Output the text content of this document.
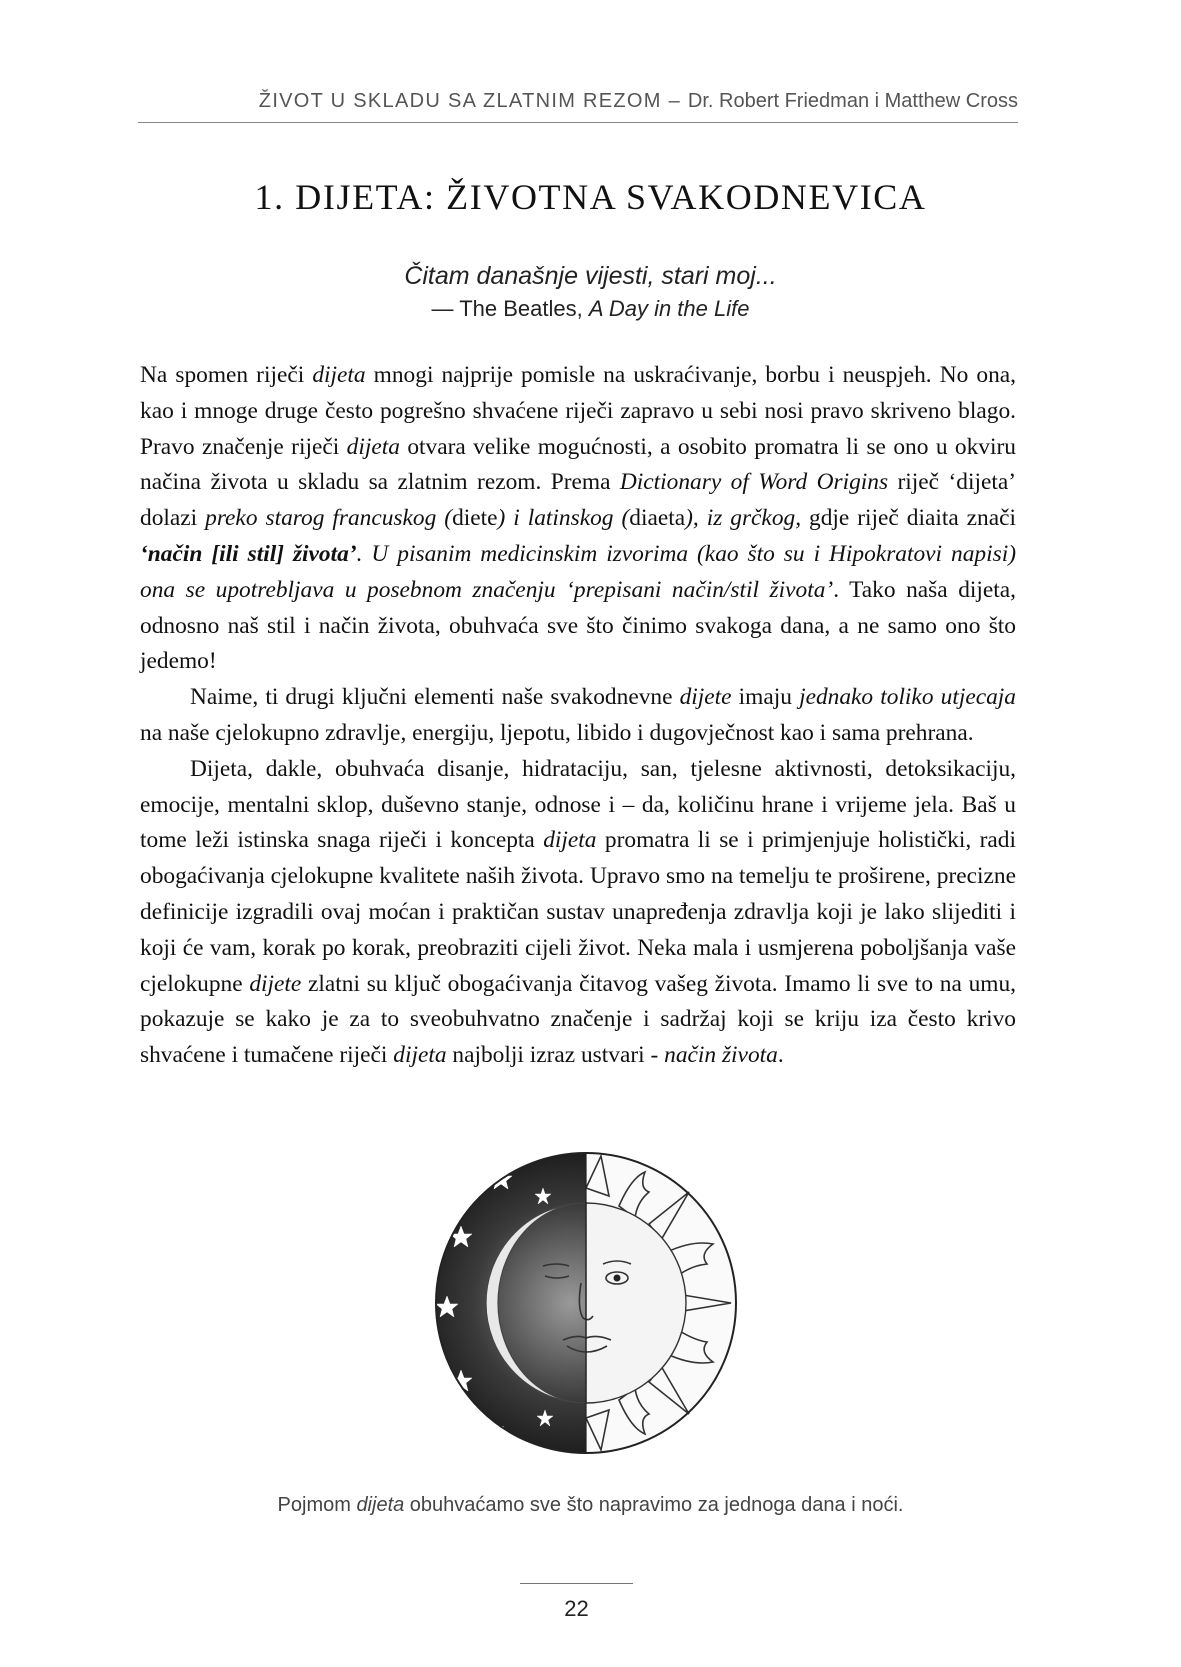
ŽIVOT U SKLADU SA ZLATNIM REZOM – Dr. Robert Friedman i Matthew Cross
1. DIJETA: ŽIVOTNA SVAKODNEVICA
Čitam današnje vijesti, stari moj...
— The Beatles, A Day in the Life

Na spomen riječi dijeta mnogi najprije pomisle na uskraćivanje, borbu i neuspjeh. No ona, kao i mnoge druge često pogrešno shvaćene riječi zapravo u sebi nosi pravo skriveno blago. Pravo značenje riječi dijeta otvara velike mogućnosti, a osobito promatra li se ono u okviru načina života u skladu sa zlatnim rezom. Prema Dictionary of Word Origins riječ ‘dijeta’ dolazi preko starog francuskog (diete) i latinskog (diaeta), iz grčkog, gdje riječ diaita znači ‘način [ili stil] života’. U pisanim medicinskim izvorima (kao što su i Hipokratovi napisi) ona se upotrebljava u posebnom značenju ‘prepisani način/stil života’. Tako naša dijeta, odnosno naš stil i način života, obuhvaća sve što činimo svakoga dana, a ne samo ono što jedemo!

Naime, ti drugi ključni elementi naše svakodnevne dijete imaju jednako toliko utjecaja na naše cjelokupno zdravlje, energiju, ljepotu, libido i dugovječnost kao i sama prehrana.

Dijeta, dakle, obuhvaća disanje, hidrataciju, san, tjelesne aktivnosti, detoksikaciju, emocije, mentalni sklop, duševno stanje, odnose i – da, količinu hrane i vrijeme jela. Baš u tome leži istinska snaga riječi i koncepta dijeta promatra li se i primjenjuje holistički, radi obogaćivanja cjelokupne kvalitete naših života. Upravo smo na temelju te proširene, precizne definicije izgradili ovaj moćan i praktičan sustav unapređenja zdravlja koji je lako slijediti i koji će vam, korak po korak, preobraziti cijeli život. Neka mala i usmjerena poboljšanja vaše cjelokupne dijete zlatni su ključ obogaćivanja čitavog vašeg života. Imamo li sve to na umu, pokazuje se kako je za to sveobuhvatno značenje i sadržaj koji se kriju iza često krivo shvaćene i tumačene riječi dijeta najbolji izraz ustvari - način života.

Pojmom dijeta obuhvaćamo sve što napravimo za jednoga dana i noći.
22
